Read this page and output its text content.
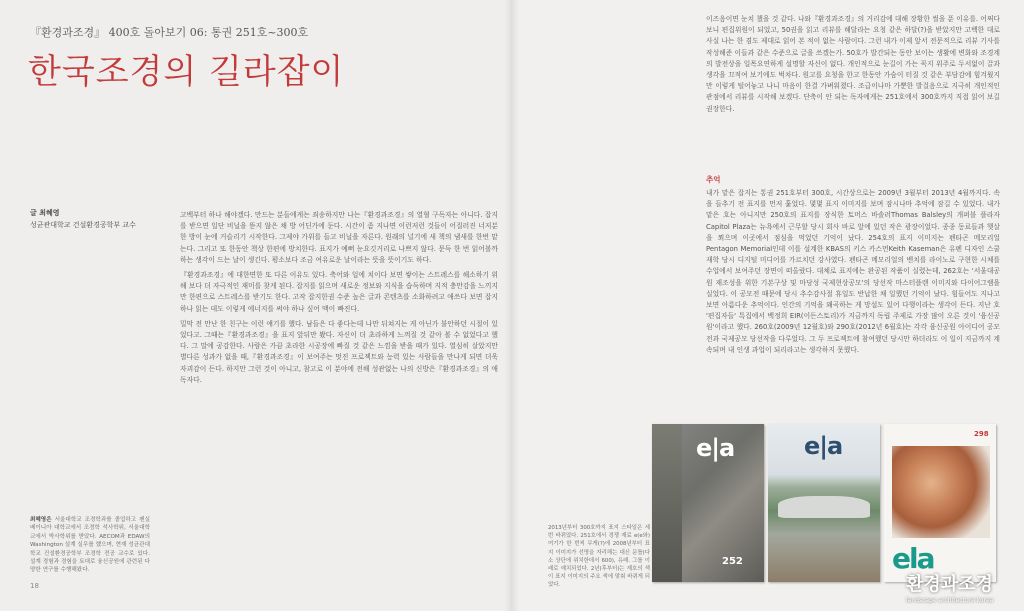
『환경과조경』 400호 돌아보기 06: 통권 251호~300호
한국조경의 길라잡이
글 최혜영
성균관대학교 건설환경공학부 교수

고백부터 하나 해야겠다. 만드는 분들에게는 죄송하지만 나는『환경과조경』의 열혈 구독자는 아니다. 잡지를 받으면 일단 비닐을 뜯지 않은 채 방 어딘가에 둔다. 시간이 좀 지나면 이런저런 것들이 어질러진 너저분한 방이 눈에 거슬리기 시작한다. 그제야 가위를 들고 비닐을 자른다. 원래의 널기에 새 책의 냄새를 한번 맡는다. 그리고 또 한동안 책상 한편에 방치한다. 표지가 예뻐 눈요깃거리로 나쁘지 않다. 문득 한 번 읽어볼까 하는 생각이 드는 날이 생긴다. 평소보다 조금 여유로운 날이라는 뜻을 뜻이기도 하다.

『환경과조경』에 대한면한 또 다른 이유도 있다. 축어와 일에 치이다 보면 쌓이는 스트레스를 해소하기 위해 보다 더 자극적인 재미를 찾게 된다. 잡지를 읽으며 새로운 정보와 지식을 습득하며 지적 충만감을 느끼지만 한편으로 스트레스를 받기도 한다. 고작 잡지한권 수준 높은 글과 콘텐츠를 소화하려고 애쓰다 보면 잡지 하나 읽는 데도 이렇게 에너지를 써야 하나 싶어 맥이 빠진다.

밀막 전 만난 한 친구는 이런 얘기를 했다. 남들은 다 좋다는데 나만 뒤쳐지는 게 아닌가 불안하던 시절이 있었다고. 그때는『환경과조경』을 표지 앞뒤만 봤다. 자신이 더 초라하게 느껴질 것 같아 볼 수 없었다고 했다. 그 말에 공감한다. 사람은 가끔 초라한 시공장에 빠질 것 같은 느낌을 받을 때가 있다. 열심히 살았지만 별다른 성과가 없을 때,『환경과조경』이 보여주는 멋진 프로젝트와 능력 있는 사람들을 만나게 되면 더욱 자괴감이 든다. 하지만 그런 것이 아니고, 참고로 이 분야에 전해 성관없는 나의 신방은『환경과조경』의 애독자다.

최혜영은 서울대학교 조경학과를 졸업하고 펜실베이니아 대학교에서 조경학 석사학위, 서울대학교에서 박사학위를 받았다. AECOM과 EDAW의 Washington 설계 실무를 했으며, 현재 성균관대학교 건설환경공학부 조경학 전공 교수로 있다. 설계 경험과 경험을 토대로 융신공원에 관련된 다양한 연구를 수행해왔다.
18

이즈음이면 눈치 챘을 것 같다. 나와『환경과조경』의 거리감에 대해 장황한 썰을 푼 이유를. 어쩌다 보니 편집위원이 되었고, 50권을 읽고 리뷰를 해달라는 요청 같은 하달(?)을 받았지만 고백한 대로 사실 나는 한 겸도 제대로 읽어 본 적이 없는 사람이다. 그런 내가 이제 앞서 전문적으로 리뷰 기사를 작성해준 이들과 같은 수준으로 글을 쓰겠는가. 50호가 발간되는 동안 보이는 생활에 변화와 조경계의 발전상을 일목요연하게 설명할 자신이 없다. 개인적으로 눈길이 가는 꼭지 위주로 두서없이 끌과 생각을 끄적여 보기에도 벅차다. 원고를 요청을 한고 한동안 가슴이 터질 것 같은 부담감에 힘겨웠지만 이렇게 털어놓고 나니 마음이 한결 가벼워졌다. 조급이나마 가뿐한 발걸음으로 지극히 개인적인 관점에서 리뷰를 시작해 보겠다. 단축이 안 되는 독자에게는 251호에서 300호까지 직접 읽어 보길 권장한다.

추억

내가 맡은 잡지는 통권 251호부터 300호, 시간상으로는 2009년 3월부터 2013년 4월까지다. 속을 들추기 전 표지를 먼저 훑었다. 몇몇 표지 이미지를 보며 잠시나마 추억에 잠길 수 있었다. 내가 맡은 호는 아니지만 250호의 표지를 장식한 토머스 바솔러Thomas Balsley의 개퍼블 플라자Capitol Plaza는 뉴욕에서 근무할 당시 회사 바로 앞에 있던 작은 광장이었다. 종종 동료들과 햇살을 쬐으며 이곳에서 점심을 먹었던 기억이 났다. 254호의 표지 이미지는 펜타곤 메모리얼Pentagon Memorial인데 이를 설계한 KBAS의 키스 카스먼Keith Kaseman은 유펜 디자인 스쿨 재학 당시 디지털 미디어를 가르치던 강사였다. 펜타곤 메모리얼의 벤치를 라이노로 구현한 시체를 수업에서 보여주던 장면이 떠올랐다. 대체로 표지에는 완공된 작품이 실렸는데, 262호는 '서울대공원 재조성을 위한 기본구상 및 마당성 국제현상공모'의 당선작 마스터플랜 이미지와 다이어그램을 실었다. 이 공모전 때문에 당시 추수감사절 휴일도 반납한 채 일했던 기억이 났다. 힘들어도 지나고 보면 아름다운 추억이다. 인간의 기억을 왜곡하는 게 망설도 있어 다행이라는 생각이 든다. 지난 호 '편집자들' 특집에서 백정희 EIR(이든스토리)가 지금까지 독립 주제로 가장 많이 오른 것이 '융신공원'이라고 했다. 260호(2009년 12월호)와 290호(2012년 6월호)는 각각 융신공원 아이디어 공모전과 국제공모 당선작을 다루었다. 그 두 프로젝트에 참여했던 당시만 하더라도 이 일이 지금까지 계속되며 내 인생 과업이 되리라고는 생각하지 못했다.

2013년부터 300호까지 표지 스타일은 세 번 바뀌었다. 251호에서 경쟁 재료 e(e와) 여기가 한 번씩 무게(?)에 2008년부터 표지 이미지가 선명을 자리해는 대신 문틀(다소 상단에 위치한데서 600), 유래. 그를 이래로 예치되었다. 2년(후부터)는 제호의 색이 표지 이미지의 주요 색에 맞춰 바뀌게 되었다.
e|a
252
e|a	298
ela
환경과조경
landscape architecture korea
